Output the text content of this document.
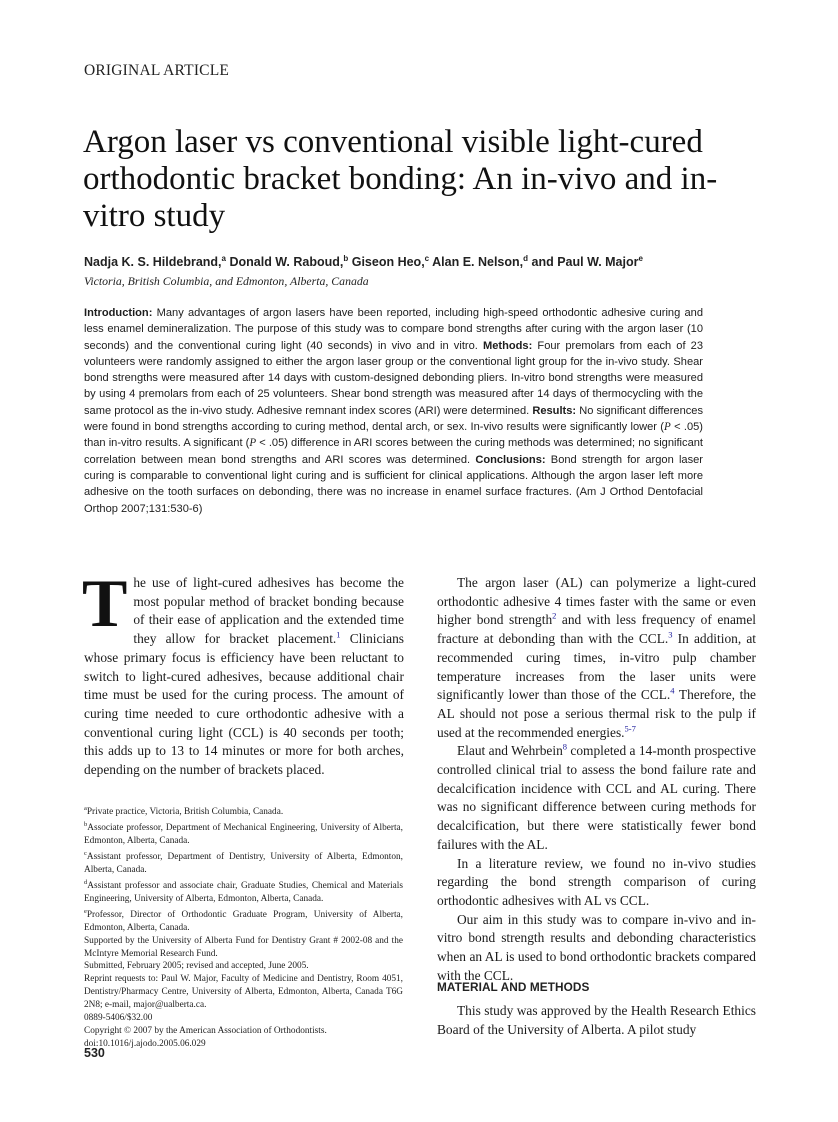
ORIGINAL ARTICLE
Argon laser vs conventional visible light-cured orthodontic bracket bonding: An in-vivo and in-vitro study
Nadja K. S. Hildebrand,$^a$ Donald W. Raboud,$^b$ Giseon Heo,$^c$ Alan E. Nelson,$^d$ and Paul W. Major$^e$
Victoria, British Columbia, and Edmonton, Alberta, Canada

Introduction: Many advantages of argon lasers have been reported, including high-speed orthodontic adhesive curing and less enamel demineralization. The purpose of this study was to compare bond strengths after curing with the argon laser (10 seconds) and the conventional curing light (40 seconds) in vivo and in vitro. Methods: Four premolars from each of 23 volunteers were randomly assigned to either the argon laser group or the conventional light group for the in-vivo study. Shear bond strengths were measured after 14 days with custom-designed debonding pliers. In-vitro bond strengths were measured by using 4 premolars from each of 25 volunteers. Shear bond strength was measured after 14 days of thermocycling with the same protocol as the in-vivo study. Adhesive remnant index scores (ARI) were determined. Results: No significant differences were found in bond strengths according to curing method, dental arch, or sex. In-vivo results were significantly lower (P < .05) than in-vitro results. A significant (P < .05) difference in ARI scores between the curing methods was determined; no significant correlation between mean bond strengths and ARI scores was determined. Conclusions: Bond strength for argon laser curing is comparable to conventional light curing and is sufficient for clinical applications. Although the argon laser left more adhesive on the tooth surfaces on debonding, there was no increase in enamel surface fractures. (Am J Orthod Dentofacial Orthop 2007;131:530-6)

The use of light-cured adhesives has become the most popular method of bracket bonding because of their ease of application and the extended time they allow for bracket placement.$^1$ Clinicians whose primary focus is efficiency have been reluctant to switch to light-cured adhesives, because additional chair time must be used for the curing process. The amount of curing time needed to cure orthodontic adhesive with a conventional curing light (CCL) is 40 seconds per tooth; this adds up to 13 to 14 minutes or more for both arches, depending on the number of brackets placed.

$^a$Private practice, Victoria, British Columbia, Canada.
$^b$Associate professor, Department of Mechanical Engineering, University of Alberta, Edmonton, Alberta, Canada.
$^c$Assistant professor, Department of Dentistry, University of Alberta, Edmonton, Alberta, Canada.
$^d$Assistant professor and associate chair, Graduate Studies, Chemical and Materials Engineering, University of Alberta, Edmonton, Alberta, Canada.
$^e$Professor, Director of Orthodontic Graduate Program, University of Alberta, Edmonton, Alberta, Canada.
Supported by the University of Alberta Fund for Dentistry Grant # 2002-08 and the McIntyre Memorial Research Fund.
Submitted, February 2005; revised and accepted, June 2005.
Reprint requests to: Paul W. Major, Faculty of Medicine and Dentistry, Room 4051, Dentistry/Pharmacy Centre, University of Alberta, Edmonton, Alberta, Canada T6G 2N8; e-mail, major@ualberta.ca.
0889-5406/$32.00
Copyright © 2007 by the American Association of Orthodontists.
doi:10.1016/j.ajodo.2005.06.029
530

The argon laser (AL) can polymerize a light-cured orthodontic adhesive 4 times faster with the same or even higher bond strength$^2$ and with less frequency of enamel fracture at debonding than with the CCL.$^3$ In addition, at recommended curing times, in-vitro pulp chamber temperature increases from the laser units were significantly lower than those of the CCL.$^4$ Therefore, the AL should not pose a serious thermal risk to the pulp if used at the recommended energies.$^{5-7}$

Elaut and Wehrbein$^8$ completed a 14-month prospective controlled clinical trial to assess the bond failure rate and decalcification incidence with CCL and AL curing. There was no significant difference between curing methods for decalcification, but there were statistically fewer bond failures with the AL.

In a literature review, we found no in-vivo studies regarding the bond strength comparison of curing orthodontic adhesives with AL vs CCL.

Our aim in this study was to compare in-vivo and in-vitro bond strength results and debonding characteristics when an AL is used to bond orthodontic brackets compared with the CCL.

MATERIAL AND METHODS

This study was approved by the Health Research Ethics Board of the University of Alberta. A pilot study
